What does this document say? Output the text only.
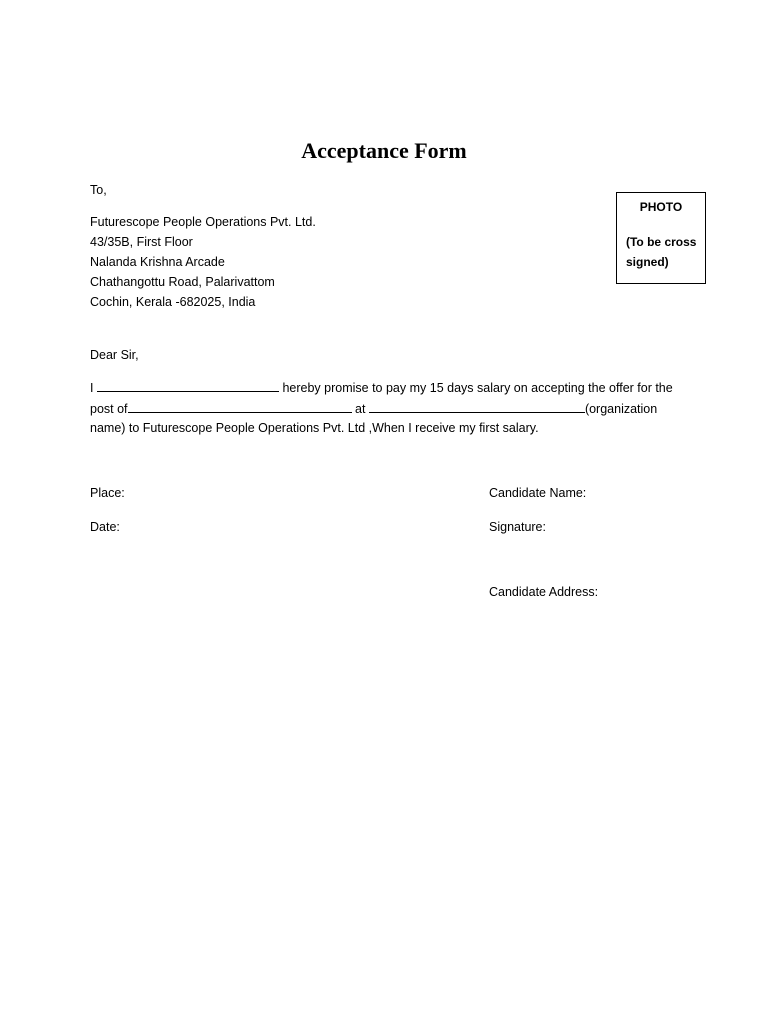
Acceptance Form
To,
Futurescope People Operations Pvt. Ltd.
43/35B, First Floor
Nalanda Krishna Arcade
Chathangottu Road, Palarivattom
Cochin, Kerala -682025, India
PHOTO
(To be cross signed)
Dear Sir,
I	hereby promise to pay my 15 days salary on accepting the offer for the
post of	at	(organization
name) to Futurescope People Operations Pvt. Ltd ,When I receive my first salary.
Place:
Date:
Candidate Name:
Signature:
Candidate Address:
